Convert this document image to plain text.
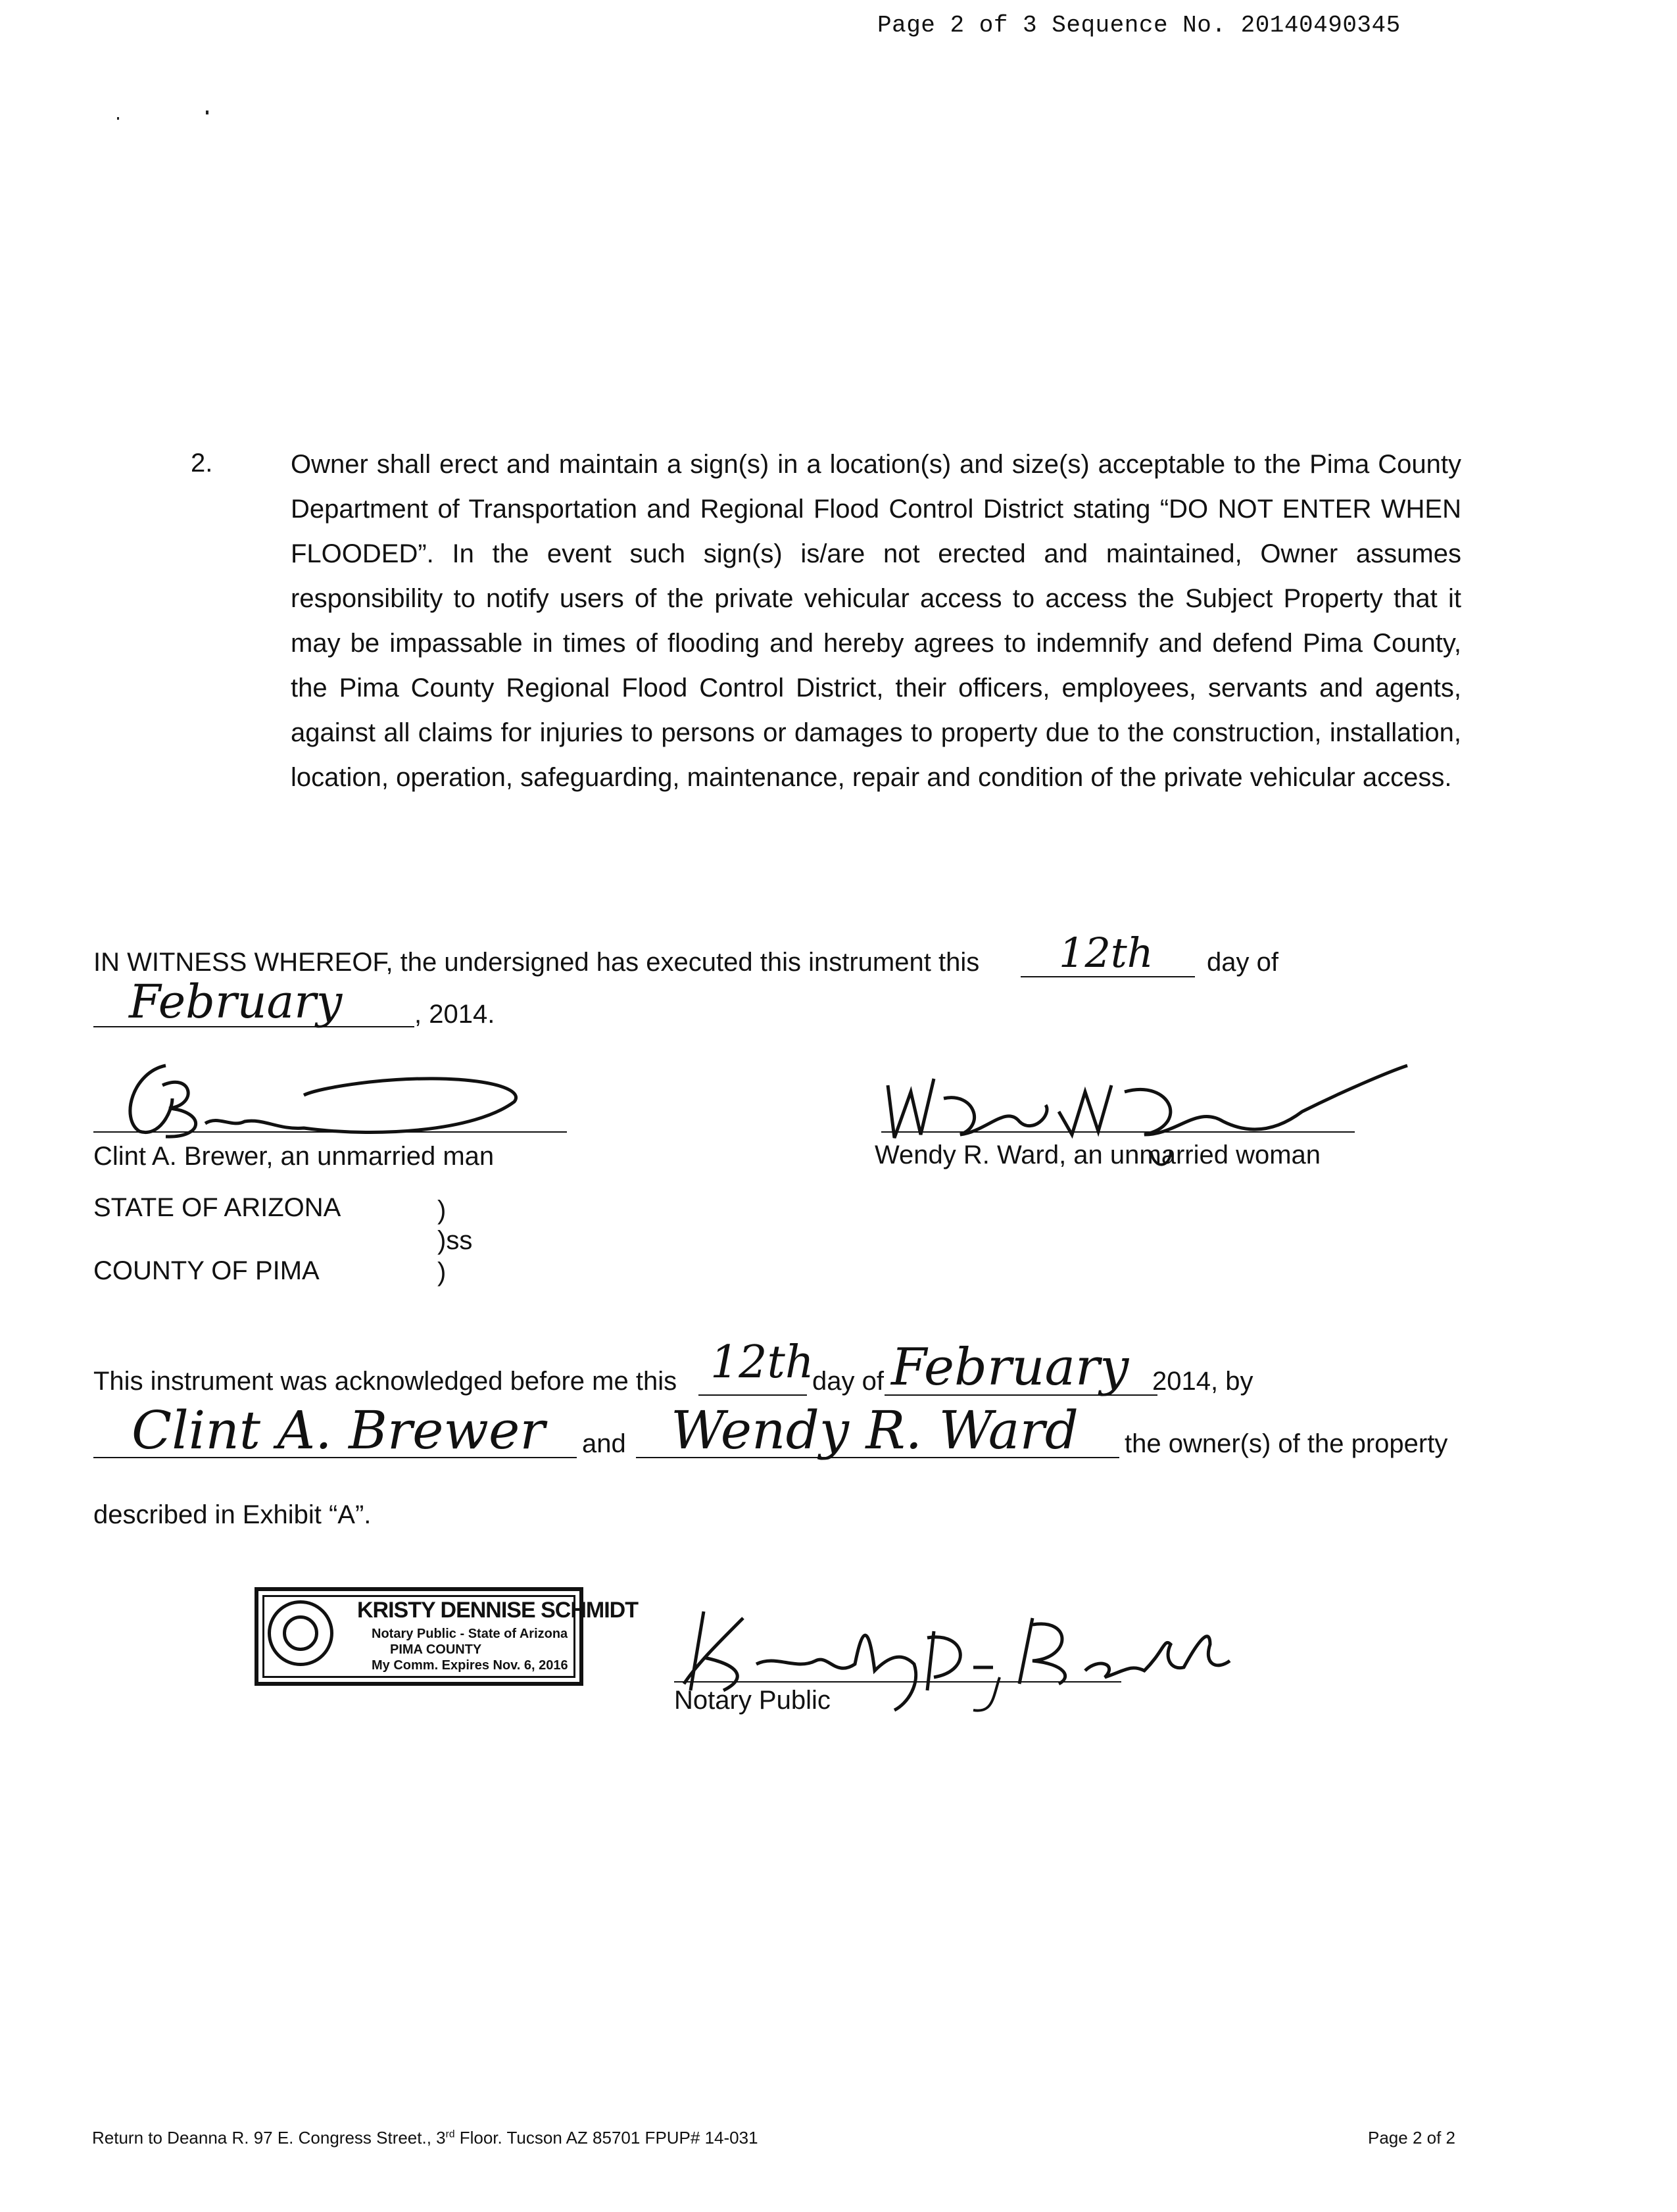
Page 2 of 3 Sequence No. 20140490345
2.	Owner shall erect and maintain a sign(s) in a location(s) and size(s) acceptable to the Pima County Department of Transportation and Regional Flood Control District stating “DO NOT ENTER WHEN FLOODED”. In the event such sign(s) is/are not erected and maintained, Owner assumes responsibility to notify users of the private vehicular access to access the Subject Property that it may be impassable in times of flooding and hereby agrees to indemnify and defend Pima County, the Pima County Regional Flood Control District, their officers, employees, servants and agents, against all claims for injuries to persons or damages to property due to the construction, installation, location, operation, safeguarding, maintenance, repair and condition of the private vehicular access.

IN WITNESS WHEREOF, the undersigned has executed this instrument this 12th day of
February	, 2014.
Clint A. Brewer, an unmarried man	Wendy R. Ward, an unmarried woman
STATE OF ARIZONA	)
)ss
COUNTY OF PIMA	)
This instrument was acknowledged before me this 12th
day of February 2014, by
Clint A. Brewer and Wendy R. Ward the owner(s) of the property
described in Exhibit “A”.
KRISTY DENNISE SCHMIDT
Notary Public - State of Arizona
PIMA COUNTY
My Comm. Expires Nov. 6, 2016
Notary Public
Return to Deanna R. 97 E. Congress Street., 3rd Floor. Tucson AZ 85701 FPUP# 14-031	Page 2 of 2
